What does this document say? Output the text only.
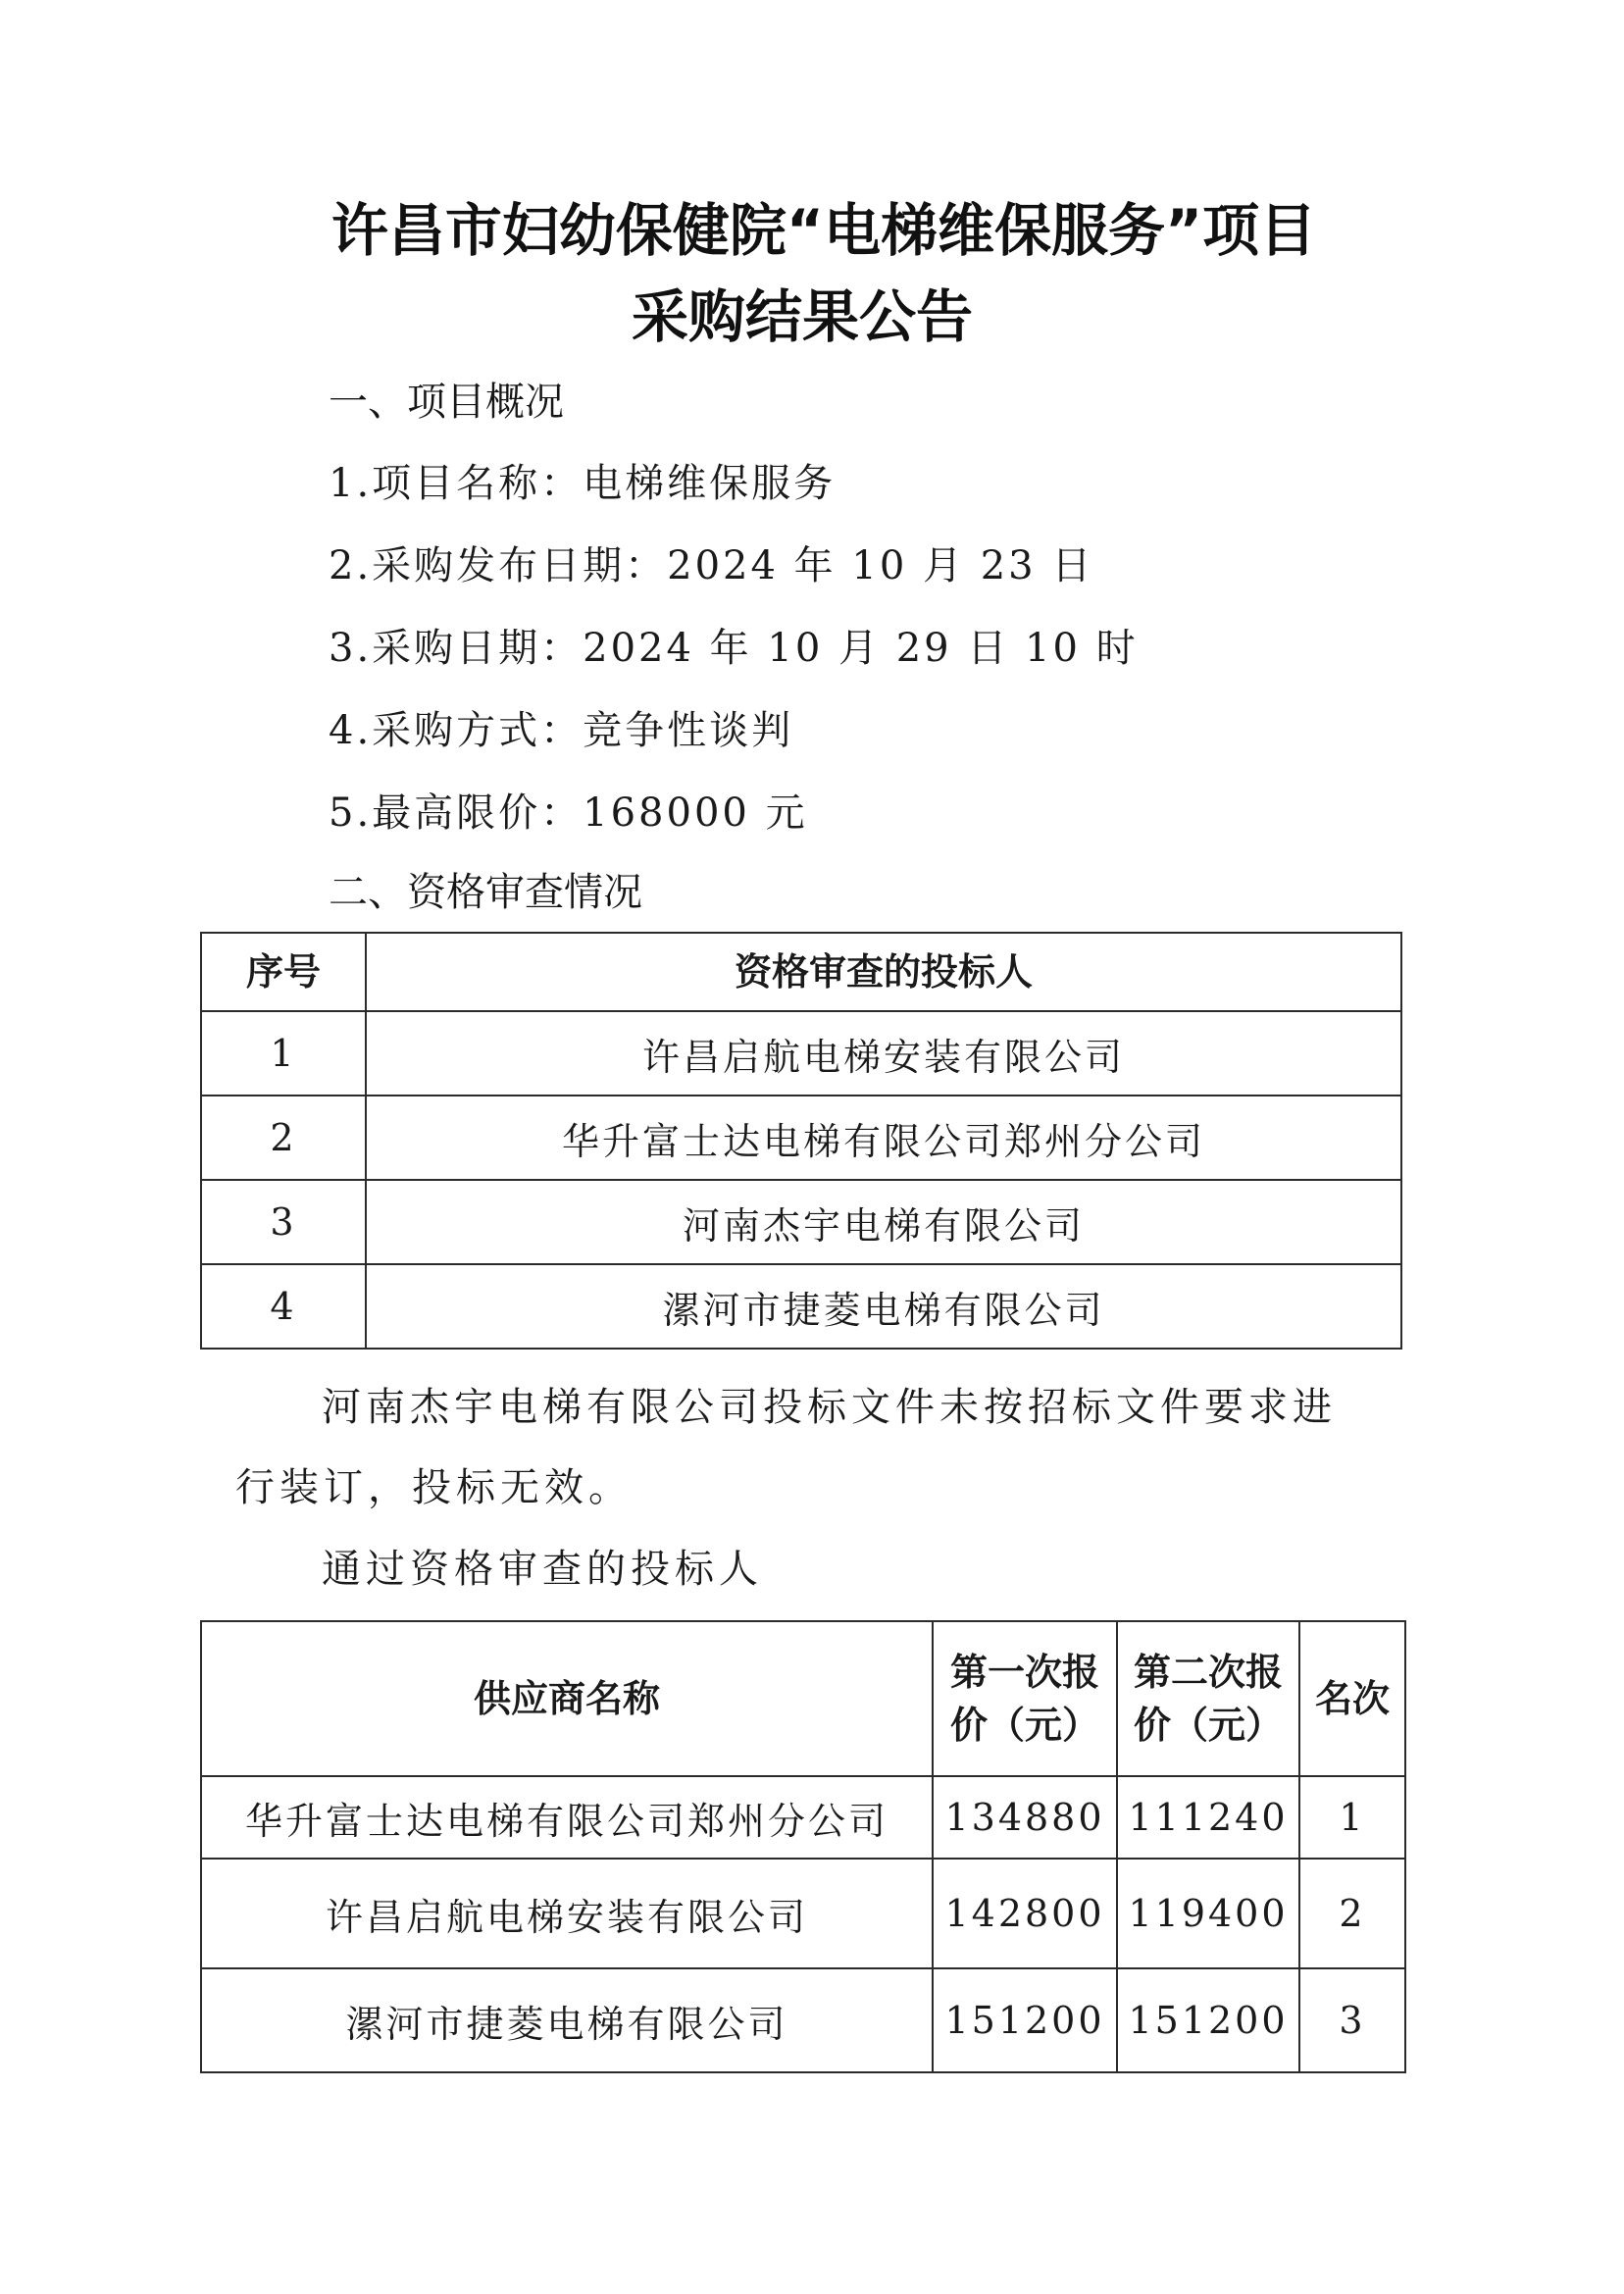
许昌市妇幼保健院“电梯维保服务”项目
采购结果公告
一、项目概况
1.项目名称：电梯维保服务
2.采购发布日期：2024 年 10 月 23 日
3.采购日期：2024 年 10 月 29 日 10 时
4.采购方式：竞争性谈判
5.最高限价：168000 元
二、资格审查情况
序号	资格审查的投标人
1	许昌启航电梯安装有限公司
2	华升富士达电梯有限公司郑州分公司
3	河南杰宇电梯有限公司
4	漯河市捷菱电梯有限公司
河南杰宇电梯有限公司投标文件未按招标文件要求进
行装订，投标无效。
通过资格审查的投标人
供应商名称	第一次报价（元）	第二次报价（元）	名次
华升富士达电梯有限公司郑州分公司	134880	111240	1
许昌启航电梯安装有限公司	142800	119400	2
漯河市捷菱电梯有限公司	151200	151200	3
